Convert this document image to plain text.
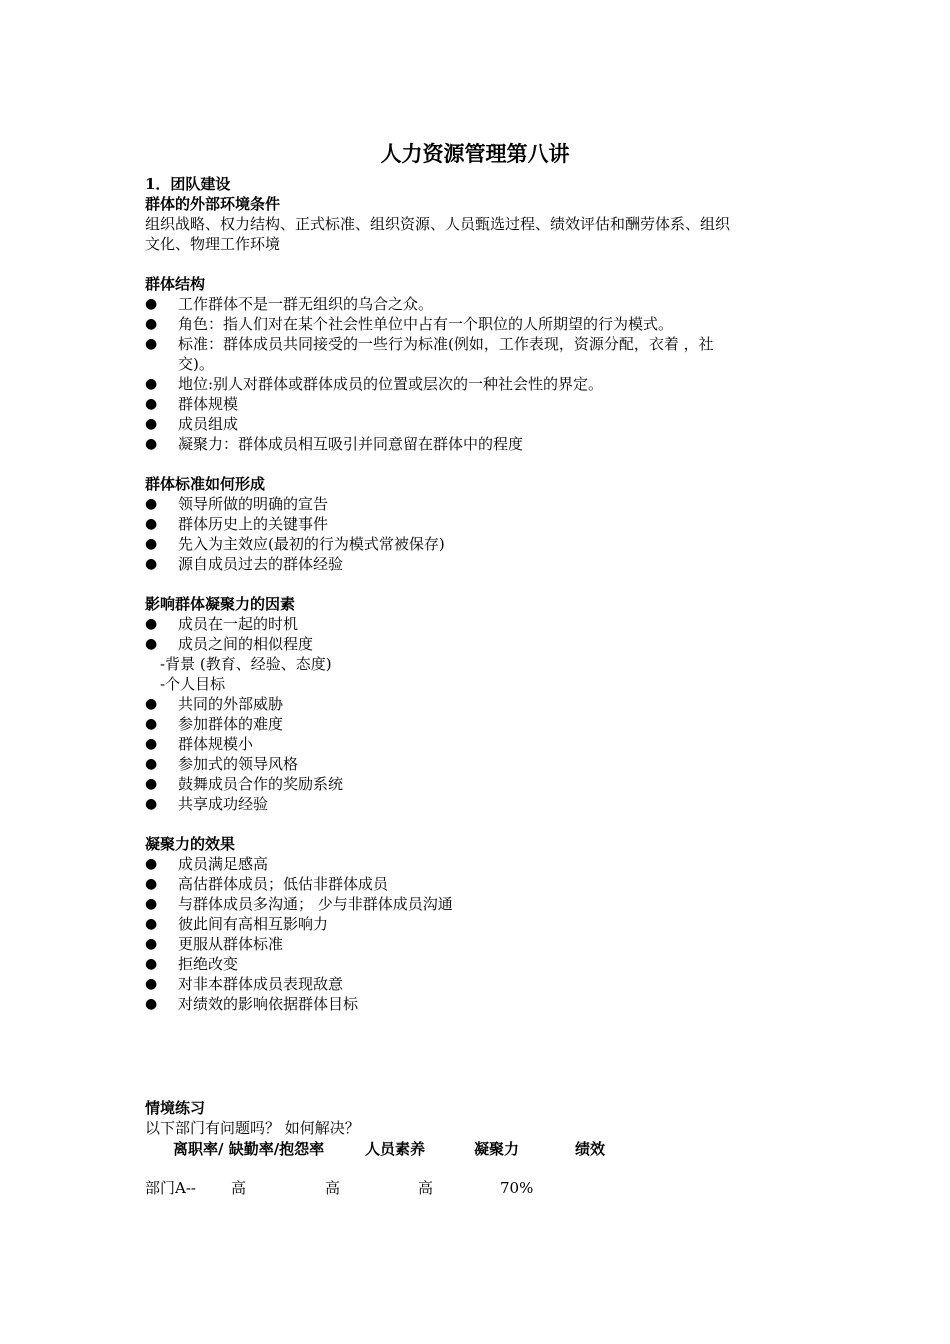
人力资源管理第八讲
1．团队建设
群体的外部环境条件
组织战略、权力结构、正式标准、组织资源、人员甄选过程、绩效评估和酬劳体系、组织
文化、物理工作环境
群体结构
● 工作群体不是一群无组织的乌合之众。
● 角色：指人们对在某个社会性单位中占有一个职位的人所期望的行为模式。
● 标准：群体成员共同接受的一些行为标准(例如，工作表现，资源分配，衣着 ，社
交)。
● 地位:别人对群体或群体成员的位置或层次的一种社会性的界定。
● 群体规模
● 成员组成
● 凝聚力：群体成员相互吸引并同意留在群体中的程度
群体标准如何形成
● 领导所做的明确的宣告
● 群体历史上的关键事件
● 先入为主效应(最初的行为模式常被保存)
● 源自成员过去的群体经验
影响群体凝聚力的因素
● 成员在一起的时机
● 成员之间的相似程度
-背景 (教育、经验、态度)
-个人目标
● 共同的外部威胁
● 参加群体的难度
● 群体规模小
● 参加式的领导风格
● 鼓舞成员合作的奖励系统
● 共享成功经验
凝聚力的效果
● 成员满足感高
● 高估群体成员；低估非群体成员
● 与群体成员多沟通； 少与非群体成员沟通
● 彼此间有高相互影响力
● 更服从群体标准
● 拒绝改变
● 对非本群体成员表现敌意
● 对绩效的影响依据群体目标
情境练习
以下部门有问题吗？ 如何解决？
离职率/ 缺勤率/抱怨率	人员素养	凝聚力	绩效
部门A-- 高	高	高	70%
